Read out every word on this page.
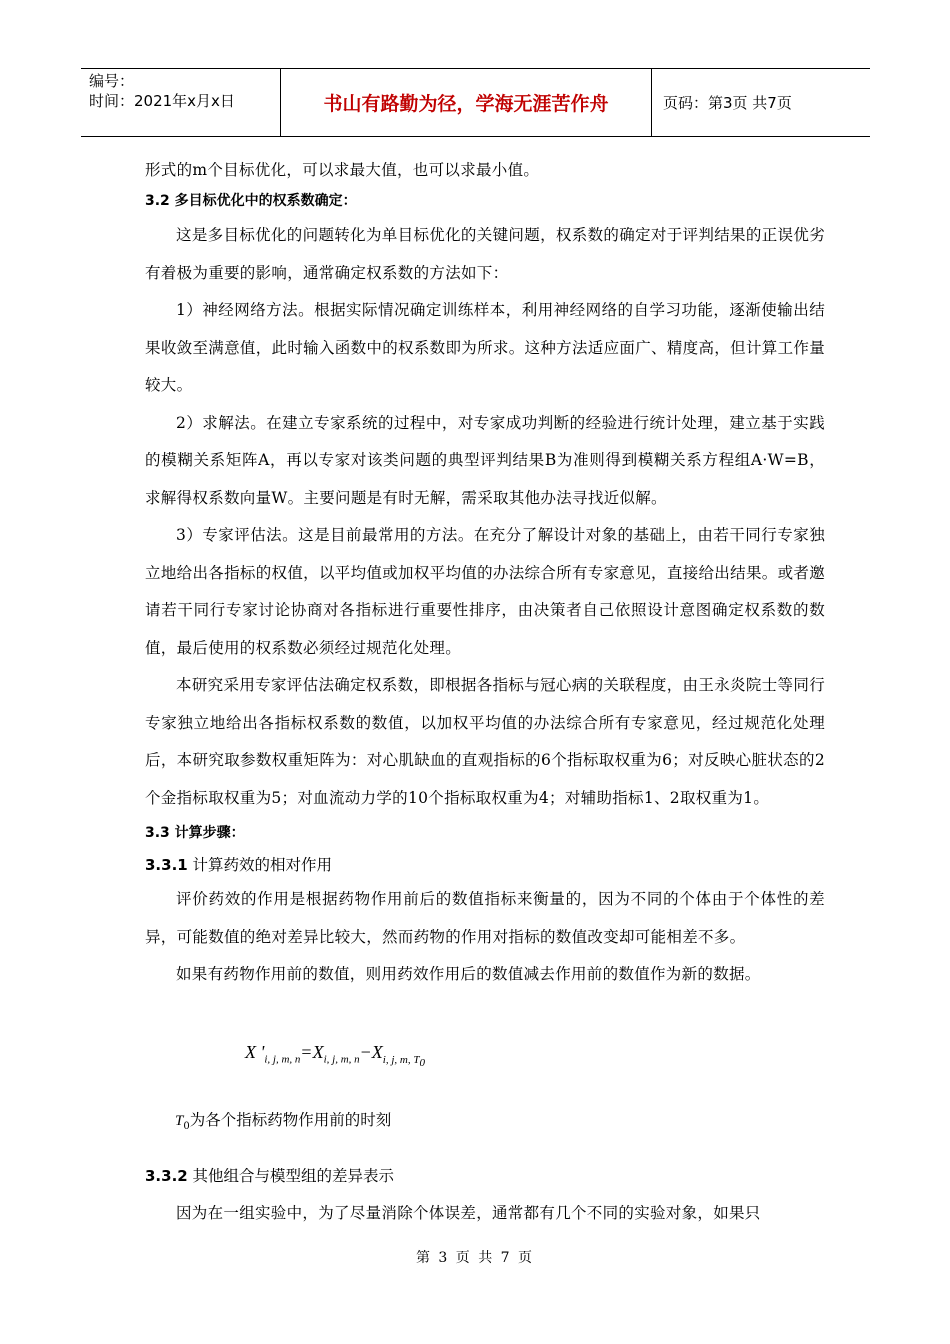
编号：
时间：2021年x月x日	书山有路勤为径，学海无涯苦作舟	页码：第3页 共7页

形式的m个目标优化，可以求最大值，也可以求最小值。

3.2 多目标优化中的权系数确定：

这是多目标优化的问题转化为单目标优化的关键问题，权系数的确定对于评判结果的正误优劣有着极为重要的影响，通常确定权系数的方法如下：

1）神经网络方法。根据实际情况确定训练样本，利用神经网络的自学习功能，逐渐使输出结果收敛至满意值，此时输入函数中的权系数即为所求。这种方法适应面广、精度高，但计算工作量较大。

2）求解法。在建立专家系统的过程中，对专家成功判断的经验进行统计处理，建立基于实践的模糊关系矩阵A，再以专家对该类问题的典型评判结果B为准则得到模糊关系方程组A·W=B，求解得权系数向量W。主要问题是有时无解，需采取其他办法寻找近似解。

3）专家评估法。这是目前最常用的方法。在充分了解设计对象的基础上，由若干同行专家独立地给出各指标的权值，以平均值或加权平均值的办法综合所有专家意见，直接给出结果。或者邀请若干同行专家讨论协商对各指标进行重要性排序，由决策者自己依照设计意图确定权系数的数值，最后使用的权系数必须经过规范化处理。

本研究采用专家评估法确定权系数，即根据各指标与冠心病的关联程度，由王永炎院士等同行专家独立地给出各指标权系数的数值，以加权平均值的办法综合所有专家意见，经过规范化处理后，本研究取参数权重矩阵为：对心肌缺血的直观指标的6个指标取权重为6；对反映心脏状态的2个金指标取权重为5；对血流动力学的10个指标取权重为4；对辅助指标1、2取权重为1。

3.3 计算步骤：
3.3.1 计算药效的相对作用

评价药效的作用是根据药物作用前后的数值指标来衡量的，因为不同的个体由于个体性的差异，可能数值的绝对差异比较大，然而药物的作用对指标的数值改变却可能相差不多。

如果有药物作用前的数值，则用药效作用后的数值减去作用前的数值作为新的数据。

X '$_{i, j, m, n}=X_{i, j, m, n}-X_{i, j, m, T_0}$
$T_0$为各个指标药物作用前的时刻
3.3.2 其他组合与模型组的差异表示

因为在一组实验中，为了尽量消除个体误差，通常都有几个不同的实验对象，如果只

第 3 页 共 7 页
